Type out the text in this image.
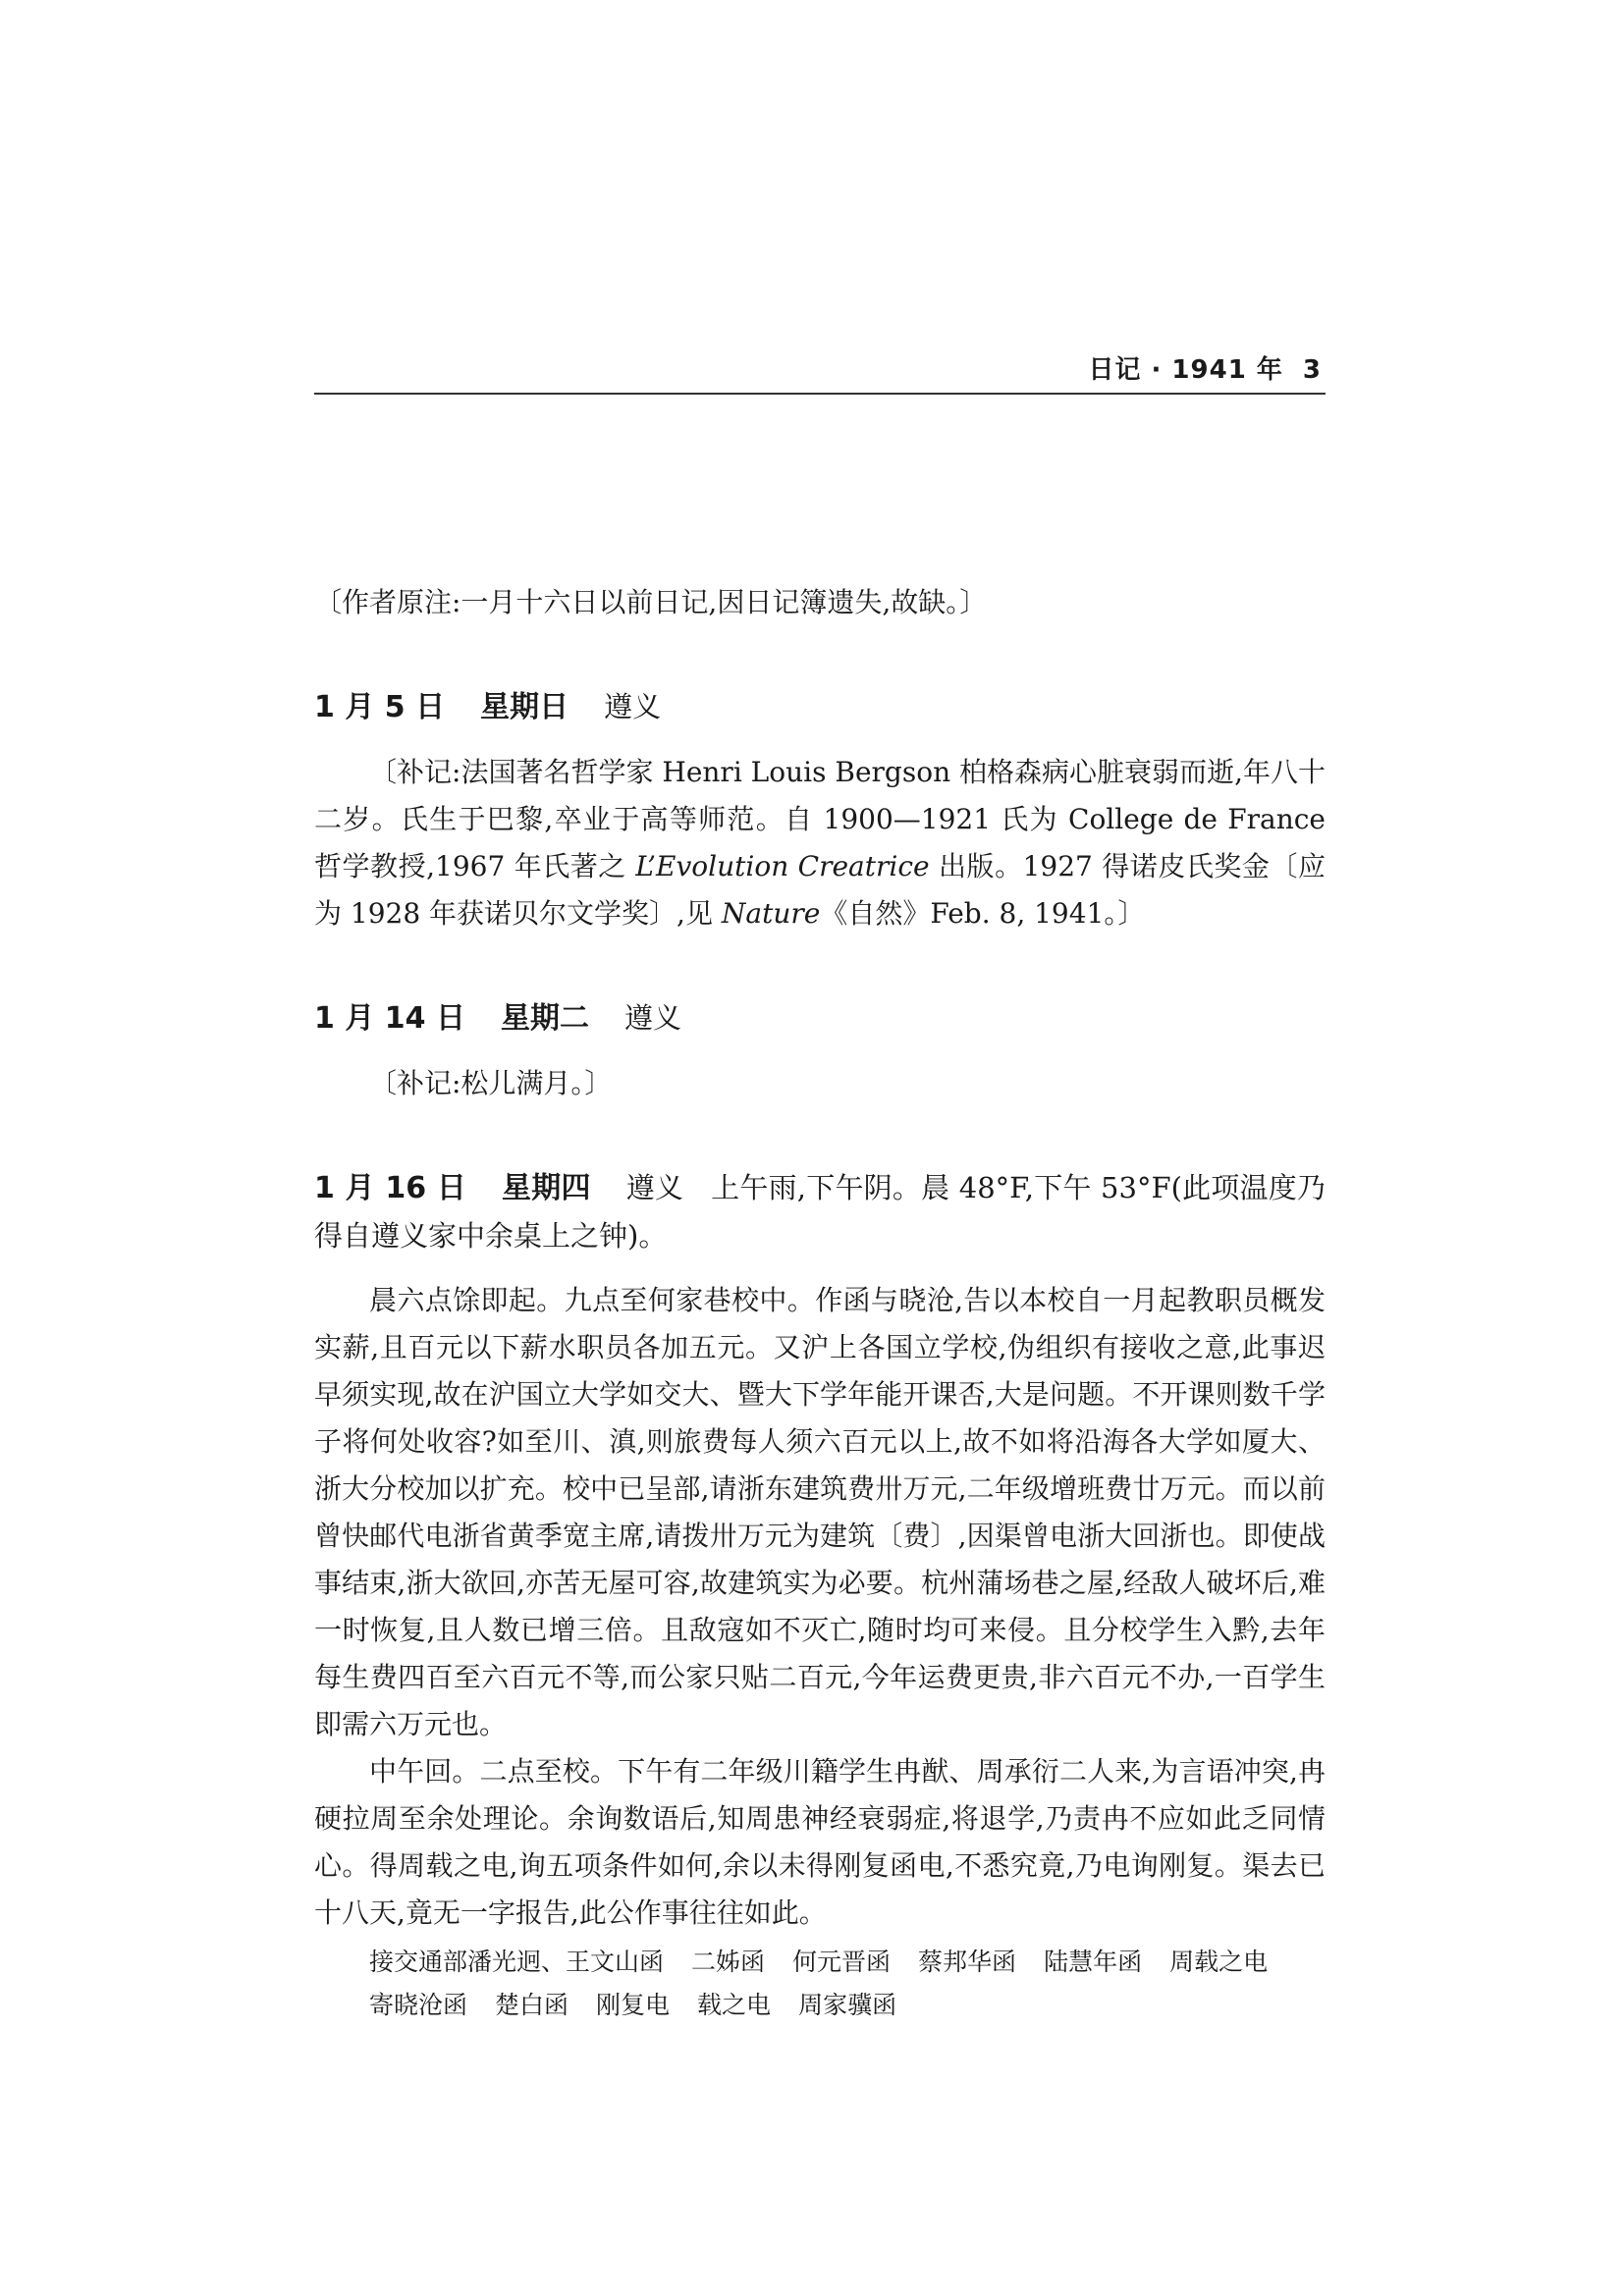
日记 · 1941 年 3

〔作者原注:一月十六日以前日记,因日记簿遗失,故缺。〕

1 月 5 日 星期日 遵义

〔补记:法国著名哲学家 Henri Louis Bergson 柏格森病心脏衰弱而逝,年八十二岁。氏生于巴黎,卒业于高等师范。自 1900—1921 氏为 College de France 哲学教授,1967 年氏著之 L’Evolution Creatrice 出版。1927 得诺皮氏奖金〔应为 1928 年获诺贝尔文学奖〕,见 Nature《自然》Feb. 8, 1941。〕

1 月 14 日 星期二 遵义

〔补记:松儿满月。〕

1 月 16 日 星期四 遵义 上午雨,下午阴。晨 48°F,下午 53°F(此项温度乃得自遵义家中余桌上之钟)。

晨六点馀即起。九点至何家巷校中。作函与晓沧,告以本校自一月起教职员概发实薪,且百元以下薪水职员各加五元。又沪上各国立学校,伪组织有接收之意,此事迟早须实现,故在沪国立大学如交大、暨大下学年能开课否,大是问题。不开课则数千学子将何处收容?如至川、滇,则旅费每人须六百元以上,故不如将沿海各大学如厦大、浙大分校加以扩充。校中已呈部,请浙东建筑费卅万元,二年级增班费廿万元。而以前曾快邮代电浙省黄季宽主席,请拨卅万元为建筑〔费〕,因渠曾电浙大回浙也。即使战事结束,浙大欲回,亦苦无屋可容,故建筑实为必要。杭州蒲场巷之屋,经敌人破坏后,难一时恢复,且人数已增三倍。且敌寇如不灭亡,随时均可来侵。且分校学生入黔,去年每生费四百至六百元不等,而公家只贴二百元,今年运费更贵,非六百元不办,一百学生即需六万元也。

中午回。二点至校。下午有二年级川籍学生冉猷、周承衍二人来,为言语冲突,冉硬拉周至余处理论。余询数语后,知周患神经衰弱症,将退学,乃责冉不应如此乏同情心。得周载之电,询五项条件如何,余以未得刚复函电,不悉究竟,乃电询刚复。渠去已十八天,竟无一字报告,此公作事往往如此。

接交通部潘光迥、王文山函 二姊函 何元晋函 蔡邦华函 陆慧年函 周载之电
寄晓沧函 楚白函 刚复电 载之电 周家骥函
